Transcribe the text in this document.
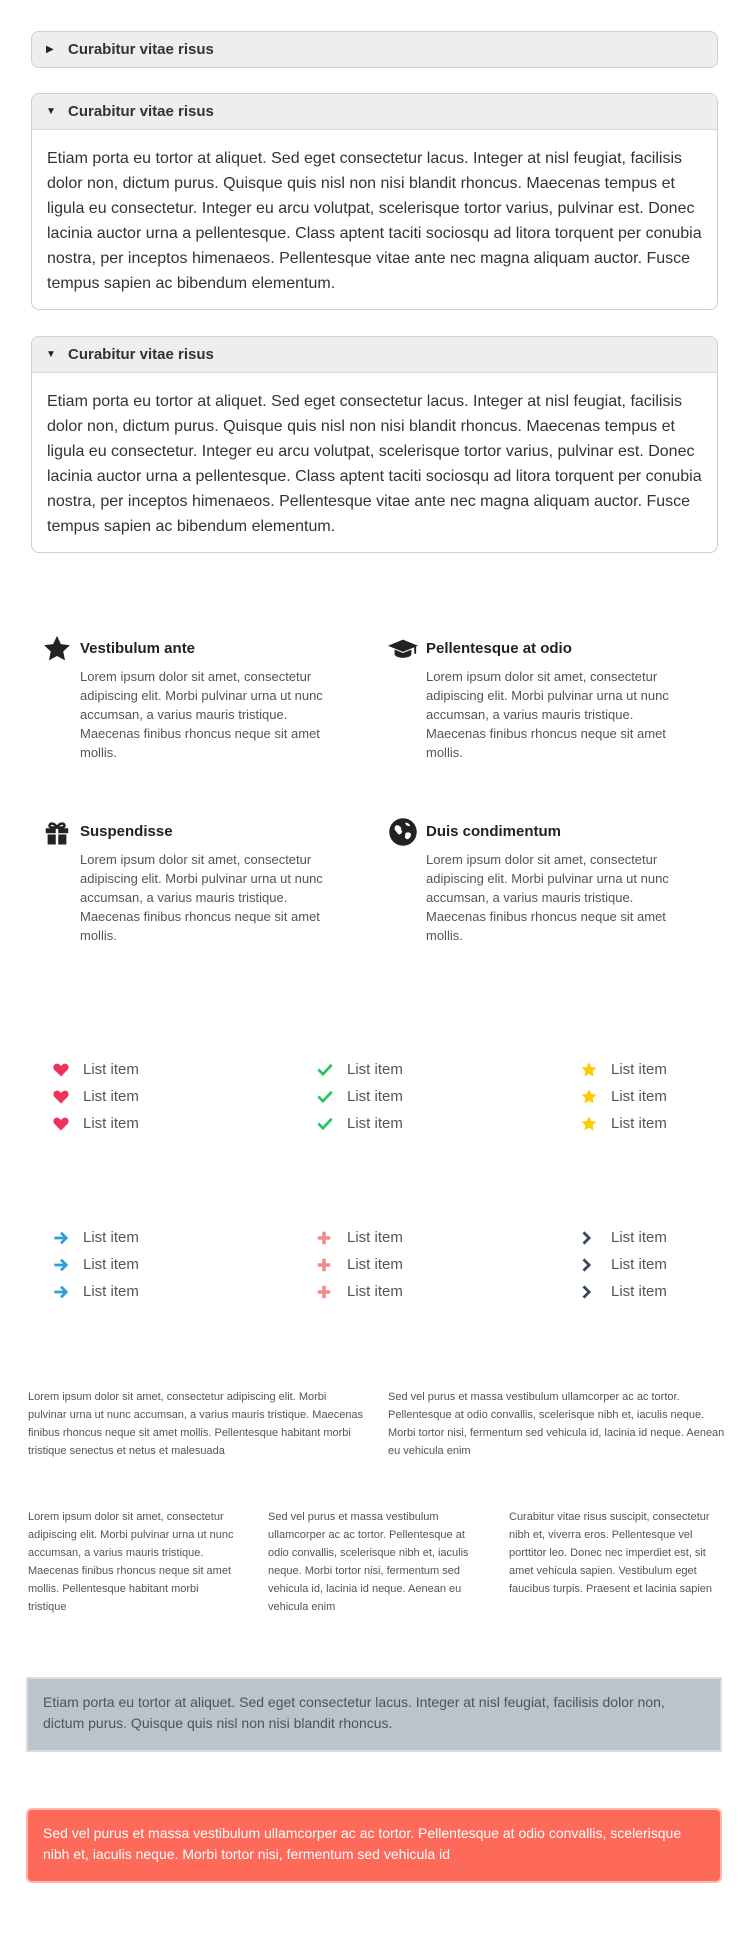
▶ Curabitur vitae risus
▼ Curabitur vitae risus
Etiam porta eu tortor at aliquet. Sed eget consectetur lacus. Integer at nisl feugiat, facilisis dolor non, dictum purus. Quisque quis nisl non nisi blandit rhoncus. Maecenas tempus et ligula eu consectetur. Integer eu arcu volutpat, scelerisque tortor varius, pulvinar est. Donec lacinia auctor urna a pellentesque. Class aptent taciti sociosqu ad litora torquent per conubia nostra, per inceptos himenaeos. Pellentesque vitae ante nec magna aliquam auctor. Fusce tempus sapien ac bibendum elementum.
▼ Curabitur vitae risus
Etiam porta eu tortor at aliquet. Sed eget consectetur lacus. Integer at nisl feugiat, facilisis dolor non, dictum purus. Quisque quis nisl non nisi blandit rhoncus. Maecenas tempus et ligula eu consectetur. Integer eu arcu volutpat, scelerisque tortor varius, pulvinar est. Donec lacinia auctor urna a pellentesque. Class aptent taciti sociosqu ad litora torquent per conubia nostra, per inceptos himenaeos. Pellentesque vitae ante nec magna aliquam auctor. Fusce tempus sapien ac bibendum elementum.
Vestibulum ante

Lorem ipsum dolor sit amet, consectetur adipiscing elit. Morbi pulvinar urna ut nunc accumsan, a varius mauris tristique. Maecenas finibus rhoncus neque sit amet mollis.

Pellentesque at odio

Lorem ipsum dolor sit amet, consectetur adipiscing elit. Morbi pulvinar urna ut nunc accumsan, a varius mauris tristique. Maecenas finibus rhoncus neque sit amet mollis.

Suspendisse

Lorem ipsum dolor sit amet, consectetur adipiscing elit. Morbi pulvinar urna ut nunc accumsan, a varius mauris tristique. Maecenas finibus rhoncus neque sit amet mollis.

Duis condimentum

Lorem ipsum dolor sit amet, consectetur adipiscing elit. Morbi pulvinar urna ut nunc accumsan, a varius mauris tristique. Maecenas finibus rhoncus neque sit amet mollis.

List item
List item
List item
List item
List item
List item
List item
List item
List item
List item
List item
List item
List item
List item
List item
List item
List item
List item

Lorem ipsum dolor sit amet, consectetur adipiscing elit. Morbi pulvinar urna ut nunc accumsan, a varius mauris tristique. Maecenas finibus rhoncus neque sit amet mollis. Pellentesque habitant morbi tristique senectus et netus et malesuada

Sed vel purus et massa vestibulum ullamcorper ac ac tortor. Pellentesque at odio convallis, scelerisque nibh et, iaculis neque. Morbi tortor nisi, fermentum sed vehicula id, lacinia id neque. Aenean eu vehicula enim

Lorem ipsum dolor sit amet, consectetur adipiscing elit. Morbi pulvinar urna ut nunc accumsan, a varius mauris tristique. Maecenas finibus rhoncus neque sit amet mollis. Pellentesque habitant morbi tristique

Sed vel purus et massa vestibulum ullamcorper ac ac tortor. Pellentesque at odio convallis, scelerisque nibh et, iaculis neque. Morbi tortor nisi, fermentum sed vehicula id, lacinia id neque. Aenean eu vehicula enim

Curabitur vitae risus suscipit, consectetur nibh et, viverra eros. Pellentesque vel porttitor leo. Donec nec imperdiet est, sit amet vehicula sapien. Vestibulum eget faucibus turpis. Praesent et lacinia sapien

Etiam porta eu tortor at aliquet. Sed eget consectetur lacus. Integer at nisl feugiat, facilisis dolor non, dictum purus. Quisque quis nisl non nisi blandit rhoncus.
Sed vel purus et massa vestibulum ullamcorper ac ac tortor. Pellentesque at odio convallis, scelerisque nibh et, iaculis neque. Morbi tortor nisi, fermentum sed vehicula id
